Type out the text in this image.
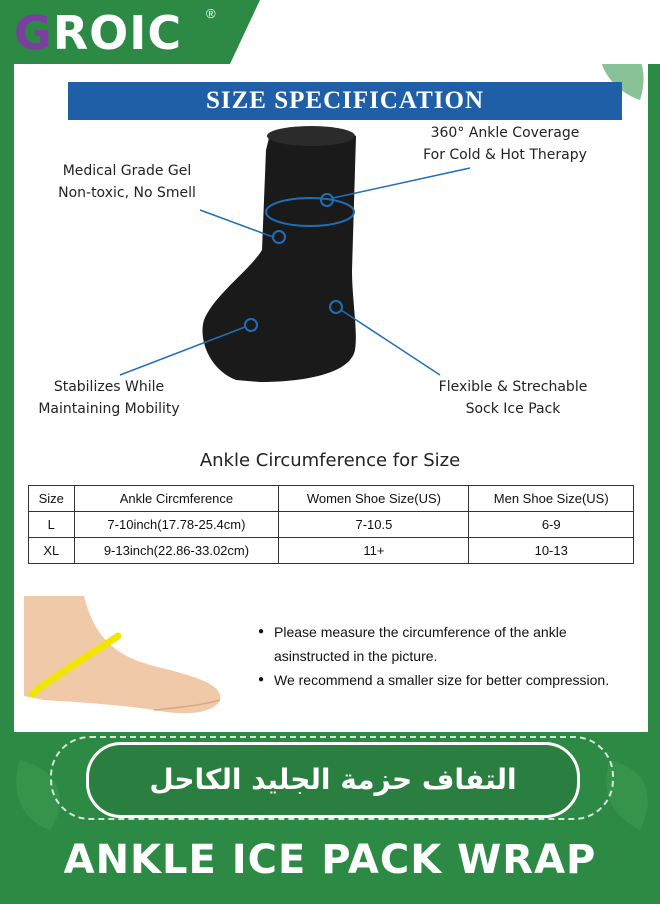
GROIC ®
SIZE SPECIFICATION
Medical Grade Gel
Non-toxic, No Smell
360° Ankle Coverage
For Cold & Hot Therapy
Stabilizes While
Maintaining Mobility
Flexible & Strechable
Sock Ice Pack
Ankle Circumference for Size
Size	Ankle Circmference	Women Shoe Size(US)	Men Shoe Size(US)
L	7-10inch(17.78-25.4cm)	7-10.5	6-9
XL	9-13inch(22.86-33.02cm)	11+	10-13
● Please measure the circumference of the ankle
asinstructed in the picture.
● We recommend a smaller size for better compression.
التفاف حزمة الجليد الكاحل
ANKLE ICE PACK WRAP
